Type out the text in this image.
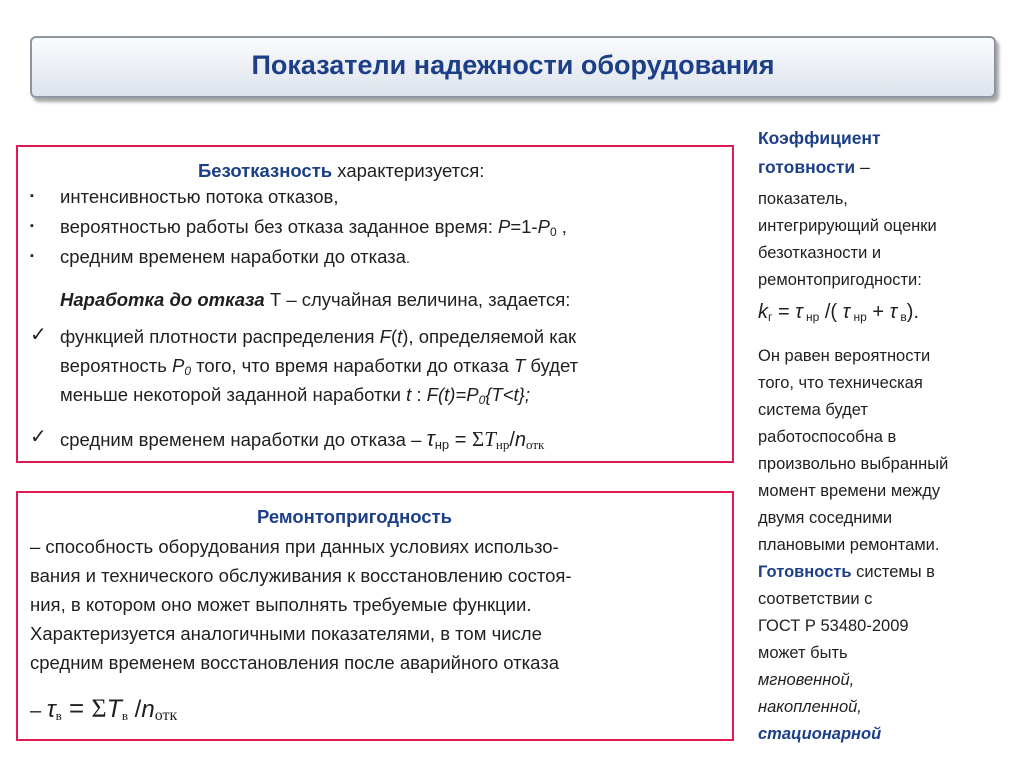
Показатели надежности оборудования
Безотказность характеризуется:
▪ интенсивностью потока отказов,
▪ вероятностью работы без отказа заданное время: $P=1-P_0$ ,
▪ средним временем наработки до отказа.
Наработка до отказа Т – случайная величина, задается:
✓ функцией плотности распределения F(t), определяемой как
вероятность $P_0$ того, что время наработки до отказа T будет
меньше некоторой заданной наработки t : $F(t)=P_0\{T<t\}$;
✓ средним временем наработки до отказа – τнр = ΣTнр/nотк
Ремонтопригодность
– способность оборудования при данных условиях использо-
вания и технического обслуживания к восстановлению состоя-
ния, в котором оно может выполнять требуемые функции.
Характеризуется аналогичными показателями, в том числе
средним временем восстановления после аварийного отказа
– τв = ΣTв /nотк
Коэффициент
готовности –
показатель,
интегрирующий оценки
безотказности и
ремонтопригодности:
$k_г = \tau$ $_{нр}$ /( τ $_{нр}$ + τ $_в$).
Он равен вероятности
того, что техническая
система будет
работоспособна в
произвольно выбранный
момент времени между
двумя соседними
плановыми ремонтами.
Готовность системы в
соответствии с
ГОСТ Р 53480-2009
может быть
мгновенной,
накопленной,
стационарной
